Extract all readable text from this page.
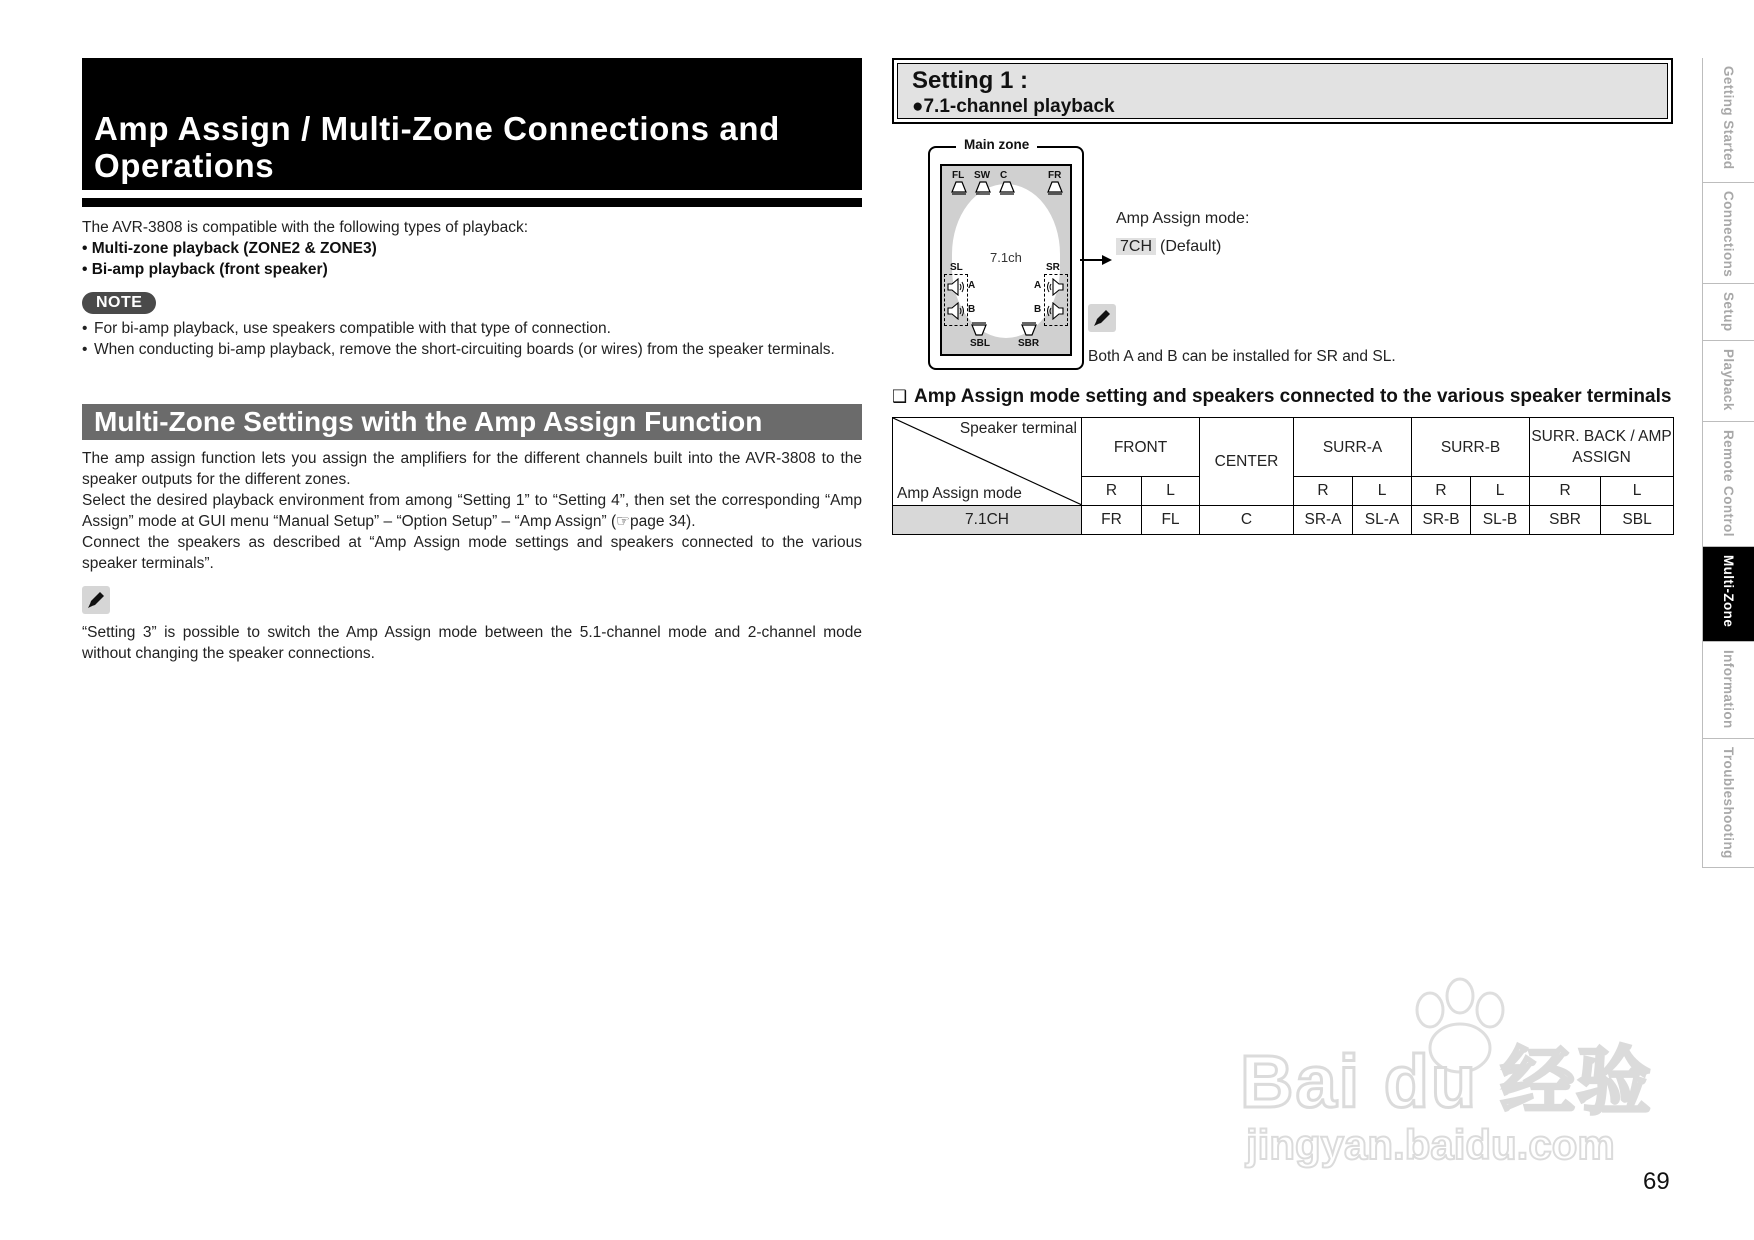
Amp Assign / Multi-Zone Connections and Operations

The AVR-3808 is compatible with the following types of playback:

• Multi-zone playback (ZONE2 & ZONE3)
• Bi-amp playback (front speaker)
NOTE
• For bi-amp playback, use speakers compatible with that type of connection.
• When conducting bi-amp playback, remove the short-circuiting boards (or wires) from the speaker terminals.
Multi-Zone Settings with the Amp Assign Function

The amp assign function lets you assign the amplifiers for the different channels built into the AVR-3808 to the speaker outputs for the different zones.

Select the desired playback environment from among “Setting 1” to “Setting 4”, then set the corresponding “Amp Assign” mode at GUI menu “Manual Setup” – “Option Setup” – “Amp Assign” (☞page 34).

Connect the speakers as described at “Amp Assign mode settings and speakers connected to the various speaker terminals”.

“Setting 3” is possible to switch the Amp Assign mode between the 5.1-channel mode and 2-channel mode without changing the speaker connections.

Setting 1 :
●7.1-channel playback
7.1ch
FL SW C	FR
SL	SR
A
B
A
B
SBL	SBR
Main zone
Amp Assign mode:
7CH (Default)
Both A and B can be installed for SR and SL.
❑ Amp Assign mode setting and speakers connected to the various speaker terminals
Speaker terminal
Amp Assign mode	FRONT		CENTER	SURR-A		SURR-B		SURR. BACK / AMP ASSIGN	
	R	L		R	L	R	L	R	L
7.1CH	FR	FL	C	SR-A	SL-A	SR-B	SL-B	SBR	SBL
Getting Started
Connections
Setup
Playback
Remote Control
Multi-Zone
Information
Troubleshooting
Bai du 经验
jingyan.baidu.com
69
